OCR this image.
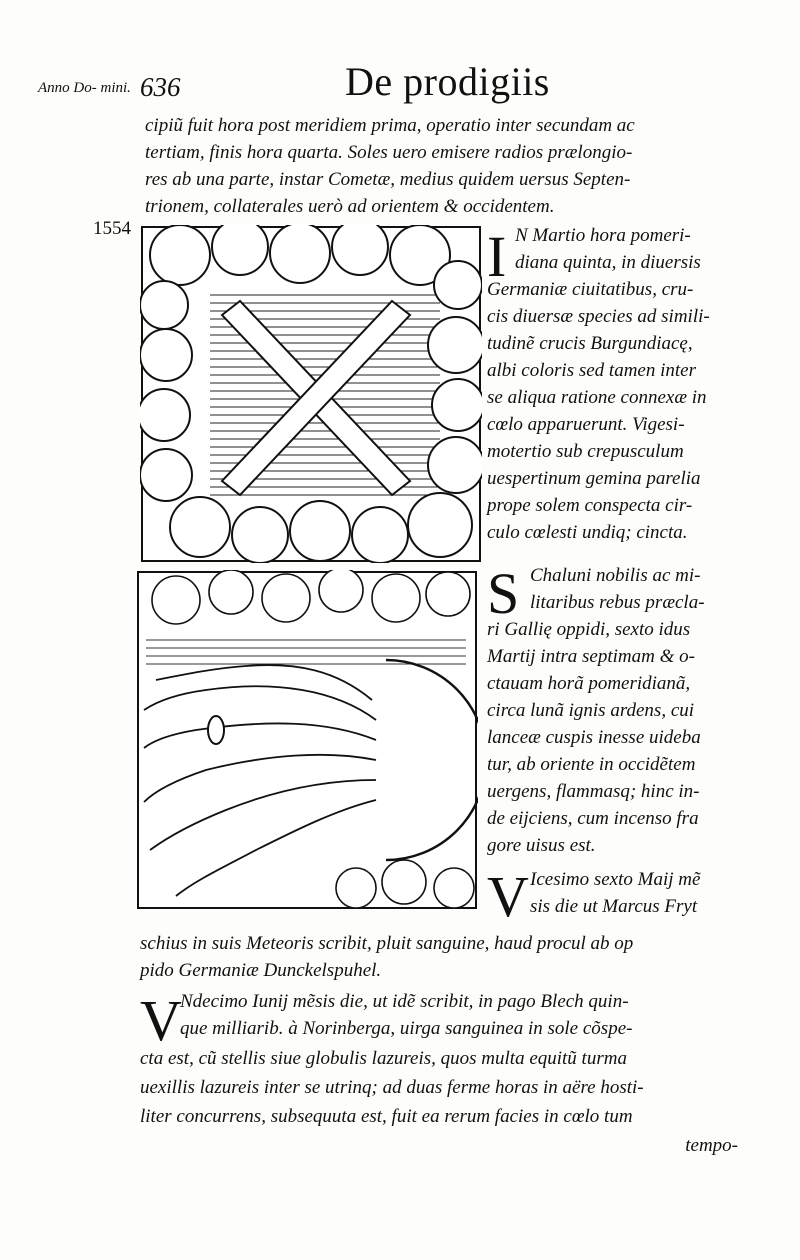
Anno Do- mini. 636	De prodigiis
cipiũ fuit hora post meridiem prima, operatio inter secundam ac
tertiam, finis hora quarta. Soles uero emisere radios prælongio-
res ab una parte, instar Cometæ, medius quidem uersus Septen-
trionem, collaterales uerò ad orientem & occidentem.
1554	I N Martio hora pomeri-
diana quinta, in diuersis
Germaniæ ciuitatibus, cru-
cis diuersæ species ad simili-
tudinẽ crucis Burgundiacę,
albi coloris sed tamen inter
se aliqua ratione connexæ in
cœlo apparuerunt. Vigesi-
motertio sub crepusculum
uespertinum gemina parelia
prope solem conspecta cir-
culo cœlesti undiq; cincta.
S Chaluni nobilis ac mi-
litaribus rebus præcla-
ri Gallię oppidi, sexto idus
Martij intra septimam & o-
ctauam horã pomeridianã,
circa lunã ignis ardens, cui
lanceæ cuspis inesse uideba
tur, ab oriente in occidẽtem
uergens, flammasq; hinc in-
de eijciens, cum incenso fra
gore uisus est.
V Icesimo sexto Maij mẽ
sis die ut Marcus Fryt
schius in suis Meteoris scribit, pluit sanguine, haud procul ab op
pido Germaniæ Dunckelspuhel.
V
Ndecimo Iunij mẽsis die, ut idẽ scribit, in pago Blech quin-
que milliarib. à Norinberga, uirga sanguinea in sole cõspe-
cta est, cũ stellis siue globulis lazureis, quos multa equitũ turma
uexillis lazureis inter se utrinq; ad duas ferme horas in aëre hosti-
liter concurrens, subsequuta est, fuit ea rerum facies in cœlo tum
tempo-
